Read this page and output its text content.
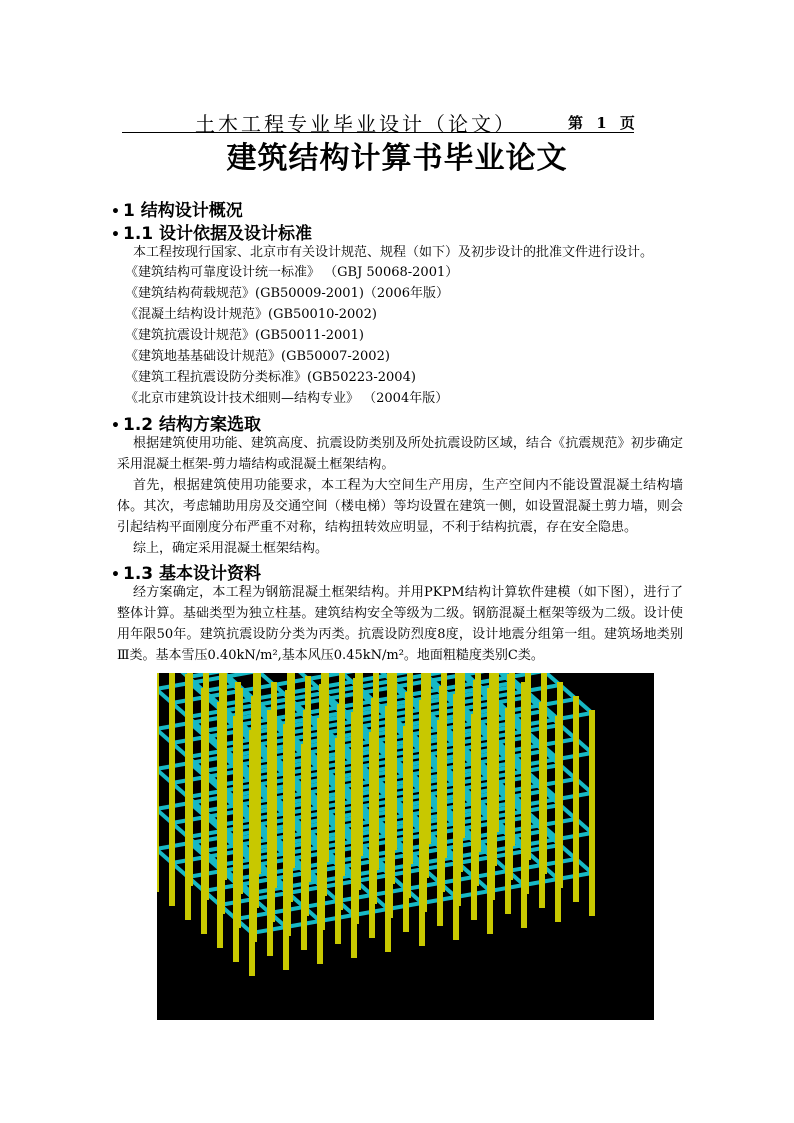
土木工程专业毕业设计（论文）	第 1 页
建筑结构计算书毕业论文
• 1 结构设计概况
• 1.1 设计依据及设计标准
本工程按现行国家、北京市有关设计规范、规程（如下）及初步设计的批准文件进行设计。
《建筑结构可靠度设计统一标准》 （GBJ 50068-2001）
《建筑结构荷载规范》(GB50009-2001)（2006年版）
《混凝土结构设计规范》(GB50010-2002)
《建筑抗震设计规范》(GB50011-2001)
《建筑地基基础设计规范》(GB50007-2002)
《建筑工程抗震设防分类标准》(GB50223-2004)
《北京市建筑设计技术细则—结构专业》 （2004年版）
• 1.2 结构方案选取
根据建筑使用功能、建筑高度、抗震设防类别及所处抗震设防区域，结合《抗震规范》初步确定采用混凝土框架-剪力墙结构或混凝土框架结构。
首先，根据建筑使用功能要求，本工程为大空间生产用房，生产空间内不能设置混凝土结构墙体。其次，考虑辅助用房及交通空间（楼电梯）等均设置在建筑一侧，如设置混凝土剪力墙，则会引起结构平面刚度分布严重不对称，结构扭转效应明显，不利于结构抗震，存在安全隐患。
综上，确定采用混凝土框架结构。
• 1.3 基本设计资料
经方案确定，本工程为钢筋混凝土框架结构。并用PKPM结构计算软件建模（如下图），进行了整体计算。基础类型为独立柱基。建筑结构安全等级为二级。钢筋混凝土框架等级为二级。设计使用年限50年。建筑抗震设防分类为丙类。抗震设防烈度8度，设计地震分组第一组。建筑场地类别Ⅲ类。基本雪压0.40kN/m²,基本风压0.45kN/m²。地面粗糙度类别C类。
